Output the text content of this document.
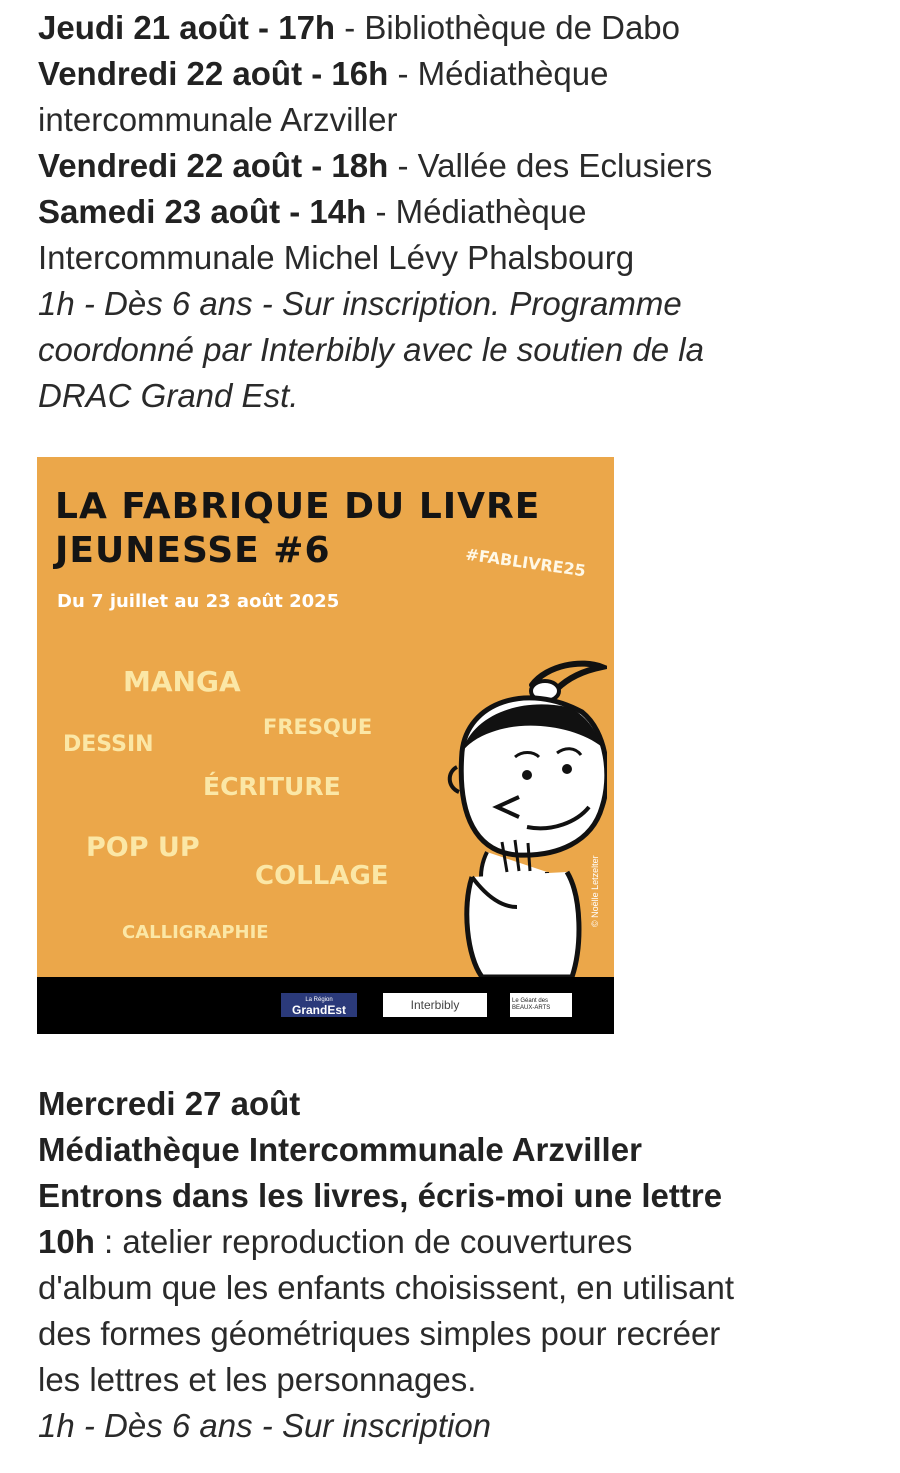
Jeudi 21 août - 17h - Bibliothèque de Dabo
Vendredi 22 août - 16h - Médiathèque
intercommunale Arzviller
Vendredi 22 août - 18h - Vallée des Eclusiers
Samedi 23 août - 14h - Médiathèque
Intercommunale Michel Lévy Phalsbourg
1h - Dès 6 ans - Sur inscription. Programme
coordonné par Interbibly avec le soutien de la
DRAC Grand Est.
LA FABRIQUE DU LIVRE
JEUNESSE #6	#FABLIVRE25
Du 7 juillet au 23 août 2025
MANGA
FRESQUE
DESSIN
ÉCRITURE
POP UP
COLLAGE
CALLIGRAPHIE
© Noëlle Letzelter
La Région
GrandEst	Interbibly	Le Géant des BEAUX-ARTS
Mercredi 27 août
Médiathèque Intercommunale Arzviller
Entrons dans les livres, écris-moi une lettre
10h : atelier reproduction de couvertures
d'album que les enfants choisissent, en utilisant
des formes géométriques simples pour recréer
les lettres et les personnages.
1h - Dès 6 ans - Sur inscription
